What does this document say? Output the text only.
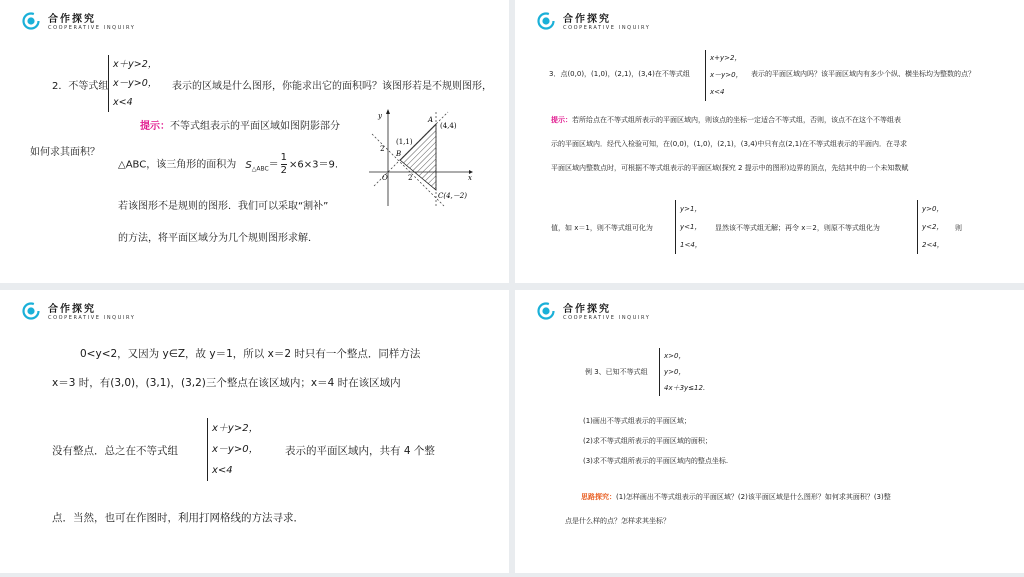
合作探究
COOPERATIVE INQUIRY
2．不等式组
x＋y>2，
x－y>0，
x<4
表示的区域是什么图形，你能求出它的面积吗？该图形若是不规则图形，
如何求其面积？
提示：不等式组表示的平面区域如图阴影部分
△ABC，该三角形的面积为 $S_{\triangle ABC}= \frac{1}{2} \times 6\times 3=9$.
若该图形不是规则的图形．我们可以采取“割补”
的方法，将平面区域分为几个规则图形求解．
y
x
O
2
2
A
(4,4)
(1,1)
B
C(4,－2)
合作探究
COOPERATIVE INQUIRY
3．点(0,0)，(1,0)，(2,1)，(3,4)在不等式组
x+y>2，
x－y>0，
x<4
表示的平面区域内吗？该平面区域内有多少个纵、横坐标均为整数的点？
提示：若所给点在不等式组所表示的平面区域内，则该点的坐标一定适合不等式组，否则，该点不在这个不等组表
示的平面区域内．经代入检验可知，在(0,0)，(1,0)，(2,1)，(3,4)中只有点(2,1)在不等式组表示的平面内．在寻求
平面区域内整数点时，可根据不等式组表示的平面区域(探究 2 提示中的图形)边界的顶点，先结其中的一个未知数赋
值，如 x＝1，则不等式组可化为
y>1，
y<1，
1<4，
显然该不等式组无解；再令 x＝2，则原不等式组化为
y>0，
y<2，
2<4，
则
合作探究
COOPERATIVE INQUIRY
0<y<2，又因为 y∈Z，故 y＝1，所以 x＝2 时只有一个整点．同样方法
x＝3 时，有(3,0)，(3,1)，(3,2)三个整点在该区域内；x＝4 时在该区域内
没有整点．总之在不等式组
x＋y>2，
x－y>0，
x<4
表示的平面区域内，共有 4 个整
点．当然，也可在作图时，利用打网格线的方法寻求．
合作探究
COOPERATIVE INQUIRY
例 3、已知不等式组
x>0，
y>0，
4x＋3y≤12.
(1)画出不等式组表示的平面区域；
(2)求不等式组所表示的平面区域的面积；
(3)求不等式组所表示的平面区域内的整点坐标.
思路探究：(1)怎样画出不等式组表示的平面区域？(2)该平面区域是什么图形？如何求其面积？(3)整
点是什么样的点？怎样求其坐标？
